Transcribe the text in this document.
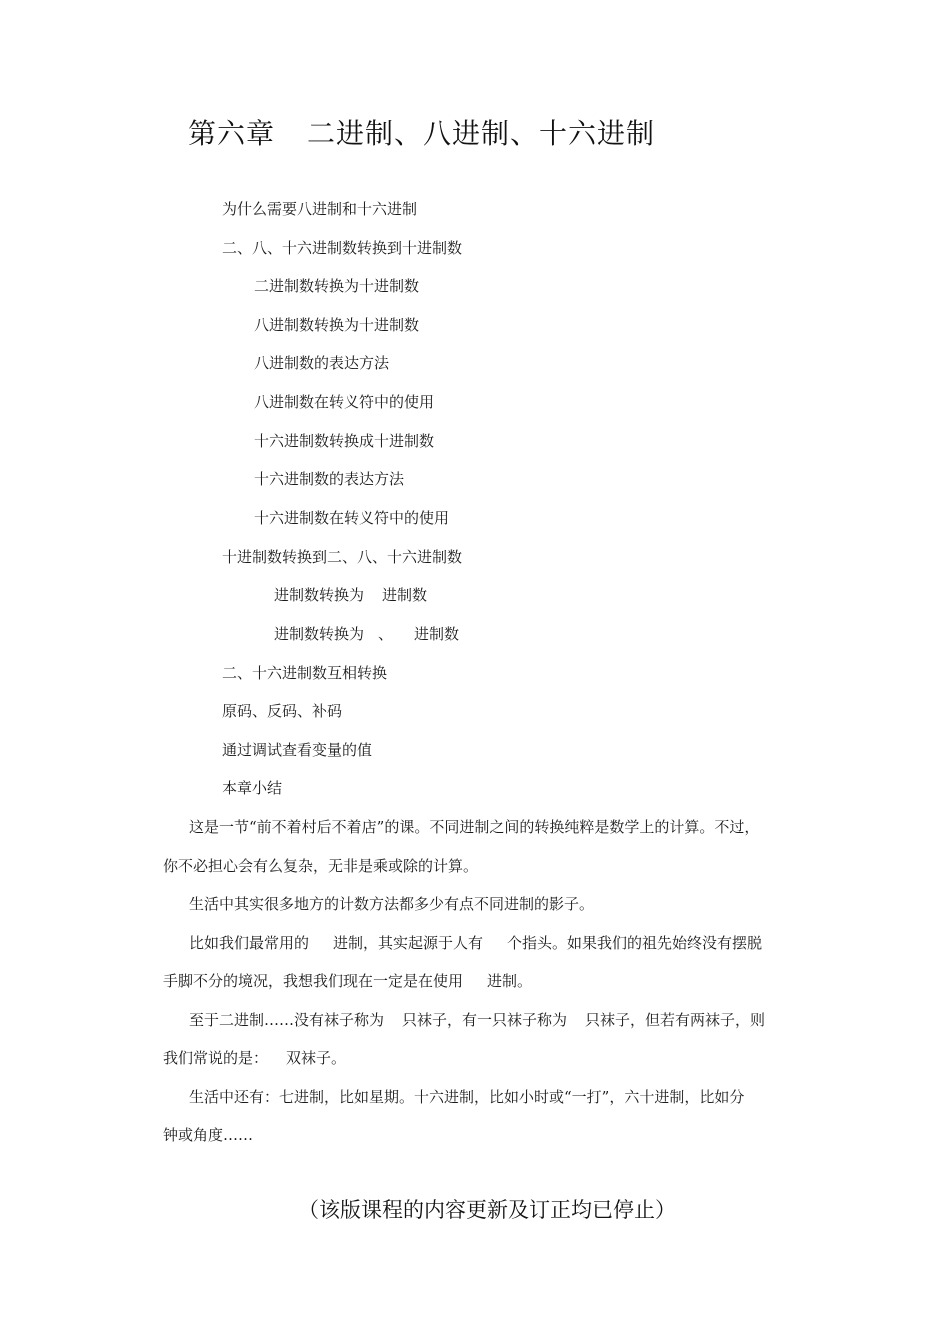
第六章 二进制、八进制、十六进制
为什么需要八进制和十六进制
二、八、十六进制数转换到十进制数
二进制数转换为十进制数
八进制数转换为十进制数
八进制数的表达方法
八进制数在转义符中的使用
十六进制数转换成十进制数
十六进制数的表达方法
十六进制数在转义符中的使用
十进制数转换到二、八、十六进制数
进制数转换为 进制数
进制数转换为 、 进制数
二、十六进制数互相转换
原码、反码、补码
通过调试查看变量的值
本章小结
这是一节“前不着村后不着店”的课。不同进制之间的转换纯粹是数学上的计算。不过，
你不必担心会有么复杂，无非是乘或除的计算。
生活中其实很多地方的计数方法都多少有点不同进制的影子。
比如我们最常用的 进制，其实起源于人有 个指头。如果我们的祖先始终没有摆脱
手脚不分的境况，我想我们现在一定是在使用 进制。
至于二进制……没有袜子称为 只袜子，有一只袜子称为 只袜子，但若有两袜子，则
我们常说的是： 双袜子。
生活中还有：七进制，比如星期。十六进制，比如小时或“一打”，六十进制，比如分
钟或角度……
（该版课程的内容更新及订正均已停止）
